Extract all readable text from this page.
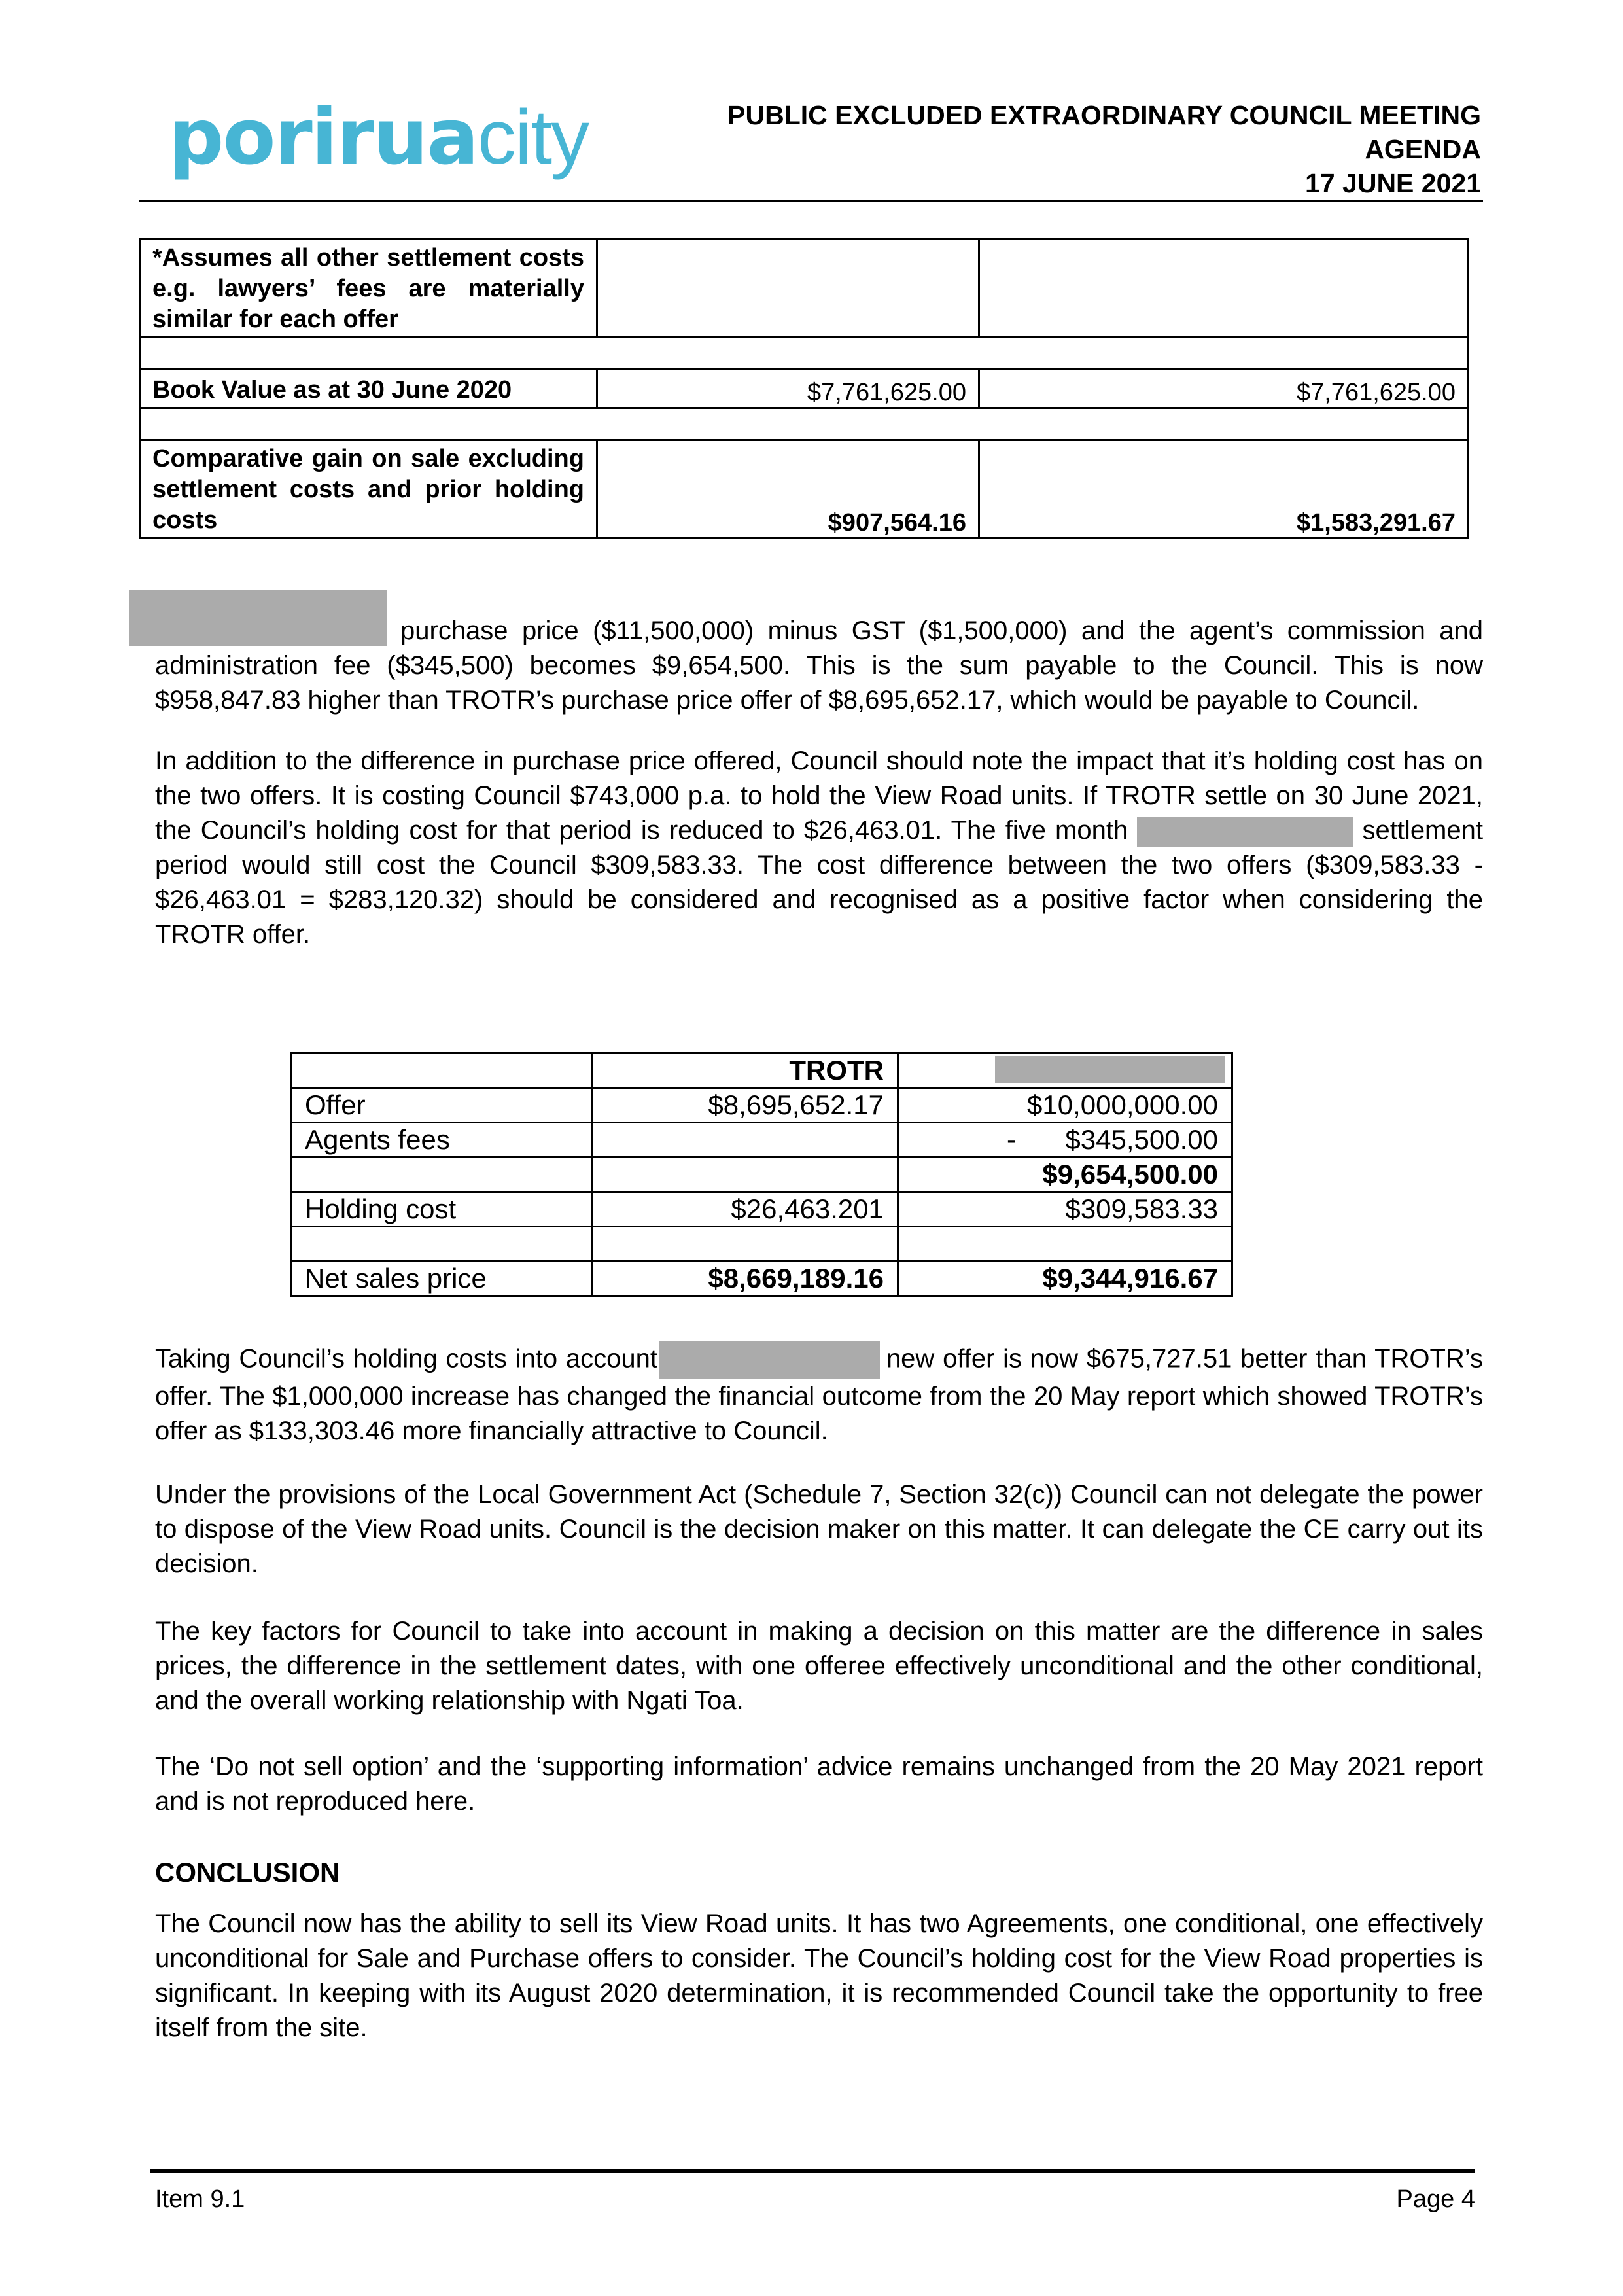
poriruacity	PUBLIC EXCLUDED EXTRAORDINARY COUNCIL MEETING
AGENDA
17 JUNE 2021
*Assumes all other settlement costs e.g. lawyers’ fees are materially similar for each offer		

Book Value as at 30 June 2020	$7,761,625.00	$7,761,625.00

Comparative gain on sale excluding settlement costs and prior holding costs	$907,564.16	$1,583,291.67

purchase price ($11,500,000) minus GST ($1,500,000) and the agent’s commission and administration fee ($345,500) becomes $9,654,500. This is the sum payable to the Council. This is now $958,847.83 higher than TROTR’s purchase price offer of $8,695,652.17, which would be payable to Council.

In addition to the difference in purchase price offered, Council should note the impact that it’s holding cost has on the two offers. It is costing Council $743,000 p.a. to hold the View Road units. If TROTR settle on 30 June 2021, the Council’s holding cost for that period is reduced to $26,463.01. The five month	settlement period would still cost the Council $309,583.33. The cost difference between the two offers ($309,583.33 - $26,463.01 = $283,120.32) should be considered and recognised as a positive factor when considering the TROTR offer.

	TROTR	

Offer	$8,695,652.17	$10,000,000.00
Agents fees		- $345,500.00
		$9,654,500.00
Holding cost	$26,463.201	$309,583.33

Net sales price	$8,669,189.16	$9,344,916.67

Taking Council’s holding costs into account	new offer is now $675,727.51 better than TROTR’s offer. The $1,000,000 increase has changed the financial outcome from the 20 May report which showed TROTR’s offer as $133,303.46 more financially attractive to Council.

Under the provisions of the Local Government Act (Schedule 7, Section 32(c)) Council can not delegate the power to dispose of the View Road units. Council is the decision maker on this matter. It can delegate the CE carry out its decision.

The key factors for Council to take into account in making a decision on this matter are the difference in sales prices, the difference in the settlement dates, with one offeree effectively unconditional and the other conditional, and the overall working relationship with Ngati Toa.

The ‘Do not sell option’ and the ‘supporting information’ advice remains unchanged from the 20 May 2021 report and is not reproduced here.

CONCLUSION

The Council now has the ability to sell its View Road units. It has two Agreements, one conditional, one effectively unconditional for Sale and Purchase offers to consider. The Council’s holding cost for the View Road properties is significant. In keeping with its August 2020 determination, it is recommended Council take the opportunity to free itself from the site.

Item 9.1	Page 4
